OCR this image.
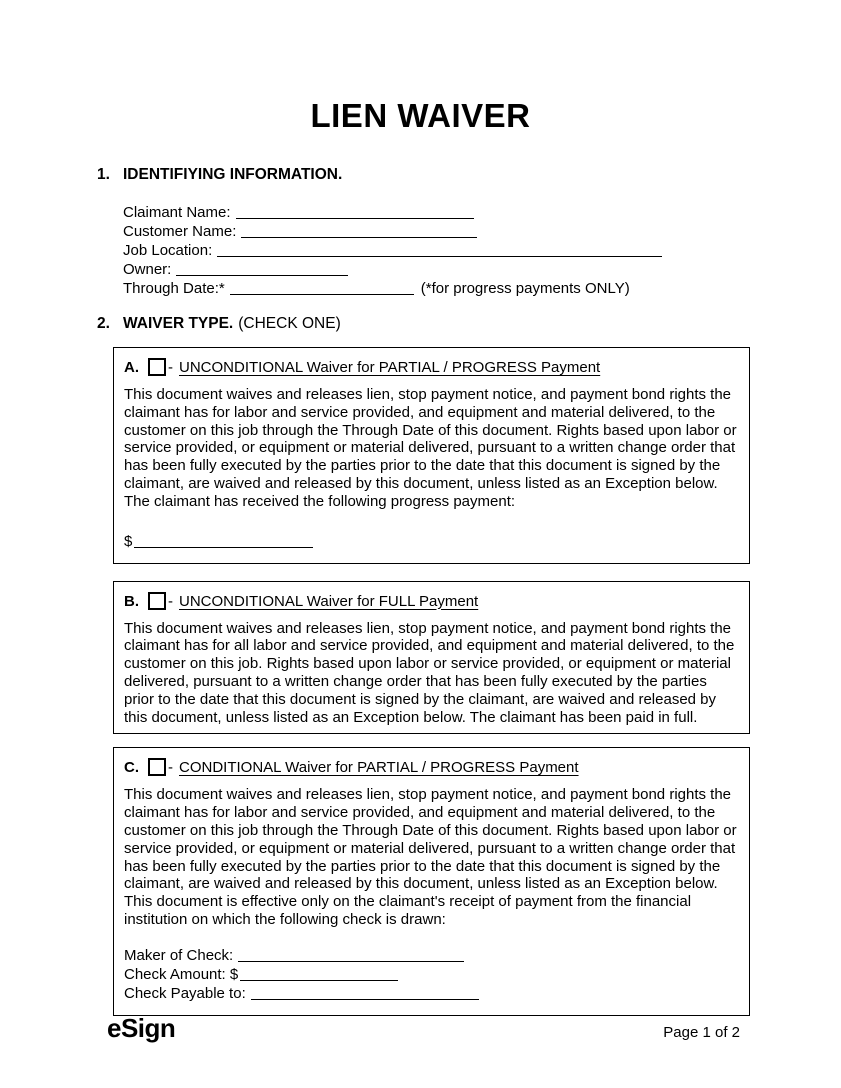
LIEN WAIVER
1. IDENTIFIYING INFORMATION.
Claimant Name:
Customer Name:
Job Location:
Owner:
Through Date:*	(*for progress payments ONLY)
2. WAIVER TYPE. (CHECK ONE)
A. - UNCONDITIONAL Waiver for PARTIAL / PROGRESS Payment

This document waives and releases lien, stop payment notice, and payment bond rights the claimant has for labor and service provided, and equipment and material delivered, to the customer on this job through the Through Date of this document. Rights based upon labor or service provided, or equipment or material delivered, pursuant to a written change order that has been fully executed by the parties prior to the date that this document is signed by the claimant, are waived and released by this document, unless listed as an Exception below. The claimant has received the following progress payment:

$
B. - UNCONDITIONAL Waiver for FULL Payment

This document waives and releases lien, stop payment notice, and payment bond rights the claimant has for all labor and service provided, and equipment and material delivered, to the customer on this job. Rights based upon labor or service provided, or equipment or material delivered, pursuant to a written change order that has been fully executed by the parties prior to the date that this document is signed by the claimant, are waived and released by this document, unless listed as an Exception below. The claimant has been paid in full.

C. - CONDITIONAL Waiver for PARTIAL / PROGRESS Payment

This document waives and releases lien, stop payment notice, and payment bond rights the claimant has for labor and service provided, and equipment and material delivered, to the customer on this job through the Through Date of this document. Rights based upon labor or service provided, or equipment or material delivered, pursuant to a written change order that has been fully executed by the parties prior to the date that this document is signed by the claimant, are waived and released by this document, unless listed as an Exception below. This document is effective only on the claimant's receipt of payment from the financial institution on which the following check is drawn:

Maker of Check:
Check Amount: $
Check Payable to:
eSign	Page 1 of 2
